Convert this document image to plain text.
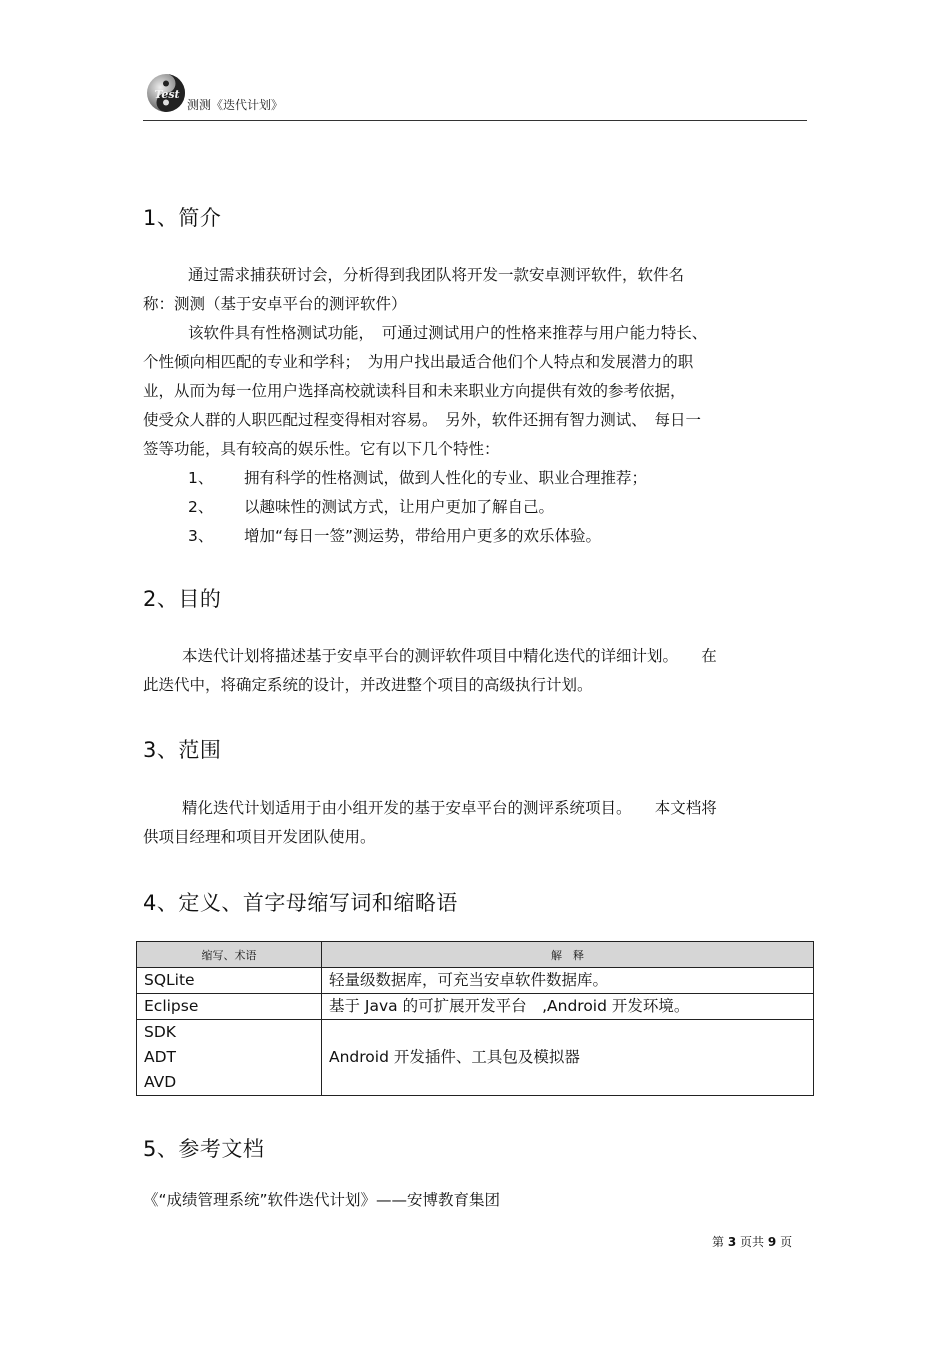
Test
测测《迭代计划》
1、简介
通过需求捕获研讨会，分析得到我团队将开发一款安卓测评软件，软件名
称：测测（基于安卓平台的测评软件）
该软件具有性格测试功能，　可通过测试用户的性格来推荐与用户能力特长、
个性倾向相匹配的专业和学科；　为用户找出最适合他们个人特点和发展潜力的职
业，从而为每一位用户选择高校就读科目和未来职业方向提供有效的参考依据，
使受众人群的人职匹配过程变得相对容易。　另外，软件还拥有智力测试、　每日一
签等功能，具有较高的娱乐性。它有以下几个特性：
1、 拥有科学的性格测试，做到人性化的专业、职业合理推荐；
2、 以趣味性的测试方式，让用户更加了解自己。
3、 增加“每日一签”测运势，带给用户更多的欢乐体验。
2、目的
本迭代计划将描述基于安卓平台的测评软件项目中精化迭代的详细计划。　　在
此迭代中，将确定系统的设计，并改进整个项目的高级执行计划。
3、范围
精化迭代计划适用于由小组开发的基于安卓平台的测评系统项目。　　本文档将
供项目经理和项目开发团队使用。
4、定义、首字母缩写词和缩略语
缩写、术语	解　释
SQLite	轻量级数据库，可充当安卓软件数据库。
Eclipse	基于 Java 的可扩展开发平台　,Android 开发环境。

SDK
ADT
AVD	Android 开发插件、工具包及模拟器
5、参考文档
《“成绩管理系统”软件迭代计划》——安博教育集团
第 3 页共 9 页
